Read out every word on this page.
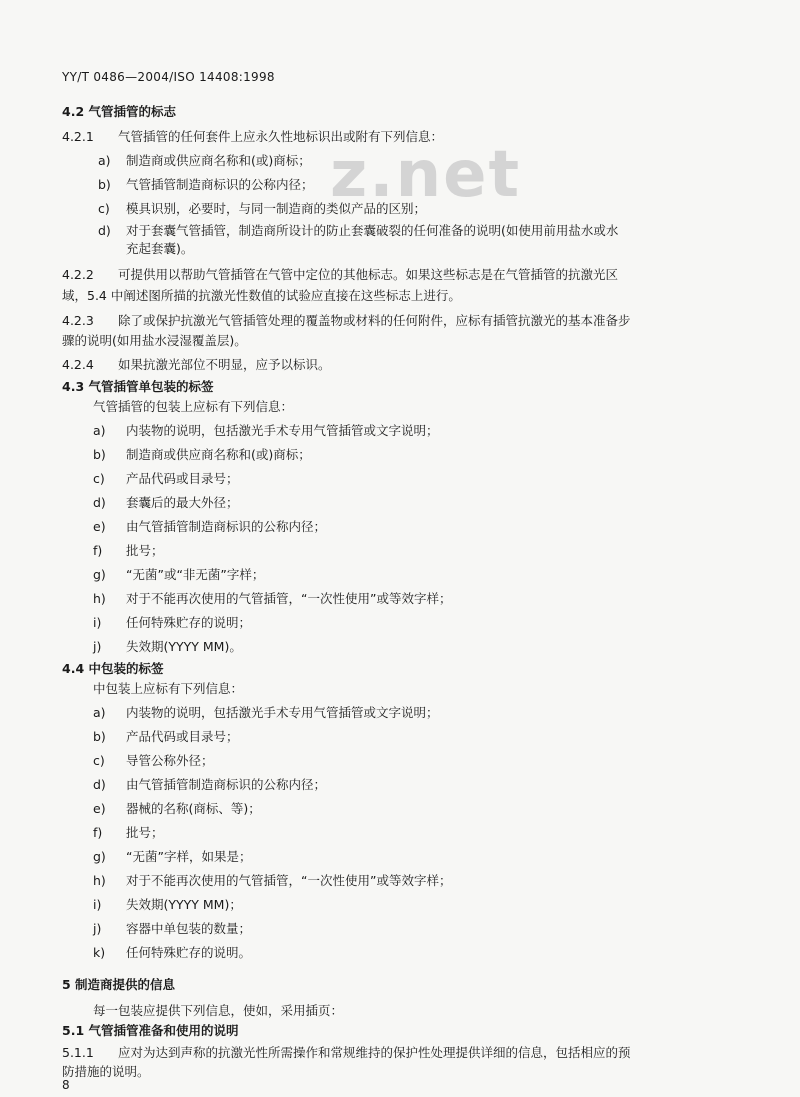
YY/T 0486—2004/ISO 14408:1998
z.net
4.2 气管插管的标志
4.2.1 气管插管的任何套件上应永久性地标识出或附有下列信息：
a) 制造商或供应商名称和(或)商标；
b) 气管插管制造商标识的公称内径；
c) 模具识别，必要时，与同一制造商的类似产品的区别；
d) 对于套囊气管插管，制造商所设计的防止套囊破裂的任何准备的说明(如使用前用盐水或水
充起套囊)。
4.2.2 可提供用以帮助气管插管在气管中定位的其他标志。如果这些标志是在气管插管的抗激光区
域，5.4 中阐述图所描的抗激光性数值的试验应直接在这些标志上进行。
4.2.3 除了或保护抗激光气管插管处理的覆盖物或材料的任何附件，应标有插管抗激光的基本准备步
骤的说明(如用盐水浸湿覆盖层)。
4.2.4 如果抗激光部位不明显，应予以标识。
4.3 气管插管单包装的标签
气管插管的包装上应标有下列信息：
a) 内装物的说明，包括激光手术专用气管插管或文字说明；
b) 制造商或供应商名称和(或)商标；
c) 产品代码或目录号；
d) 套囊后的最大外径；
e) 由气管插管制造商标识的公称内径；
f) 批号；
g) “无菌”或“非无菌”字样；
h) 对于不能再次使用的气管插管，“一次性使用”或等效字样；
i) 任何特殊贮存的说明；
j) 失效期(YYYY MM)。
4.4 中包装的标签
中包装上应标有下列信息：
a) 内装物的说明，包括激光手术专用气管插管或文字说明；
b) 产品代码或目录号；
c) 导管公称外径；
d) 由气管插管制造商标识的公称内径；
e) 器械的名称(商标、等)；
f) 批号；
g) “无菌”字样，如果是；
h) 对于不能再次使用的气管插管，“一次性使用”或等效字样；
i) 失效期(YYYY MM)；
j) 容器中单包装的数量；
k) 任何特殊贮存的说明。
5 制造商提供的信息
每一包装应提供下列信息，使如，采用插页：
5.1 气管插管准备和使用的说明
5.1.1 应对为达到声称的抗激光性所需操作和常规维持的保护性处理提供详细的信息，包括相应的预
防措施的说明。
8
